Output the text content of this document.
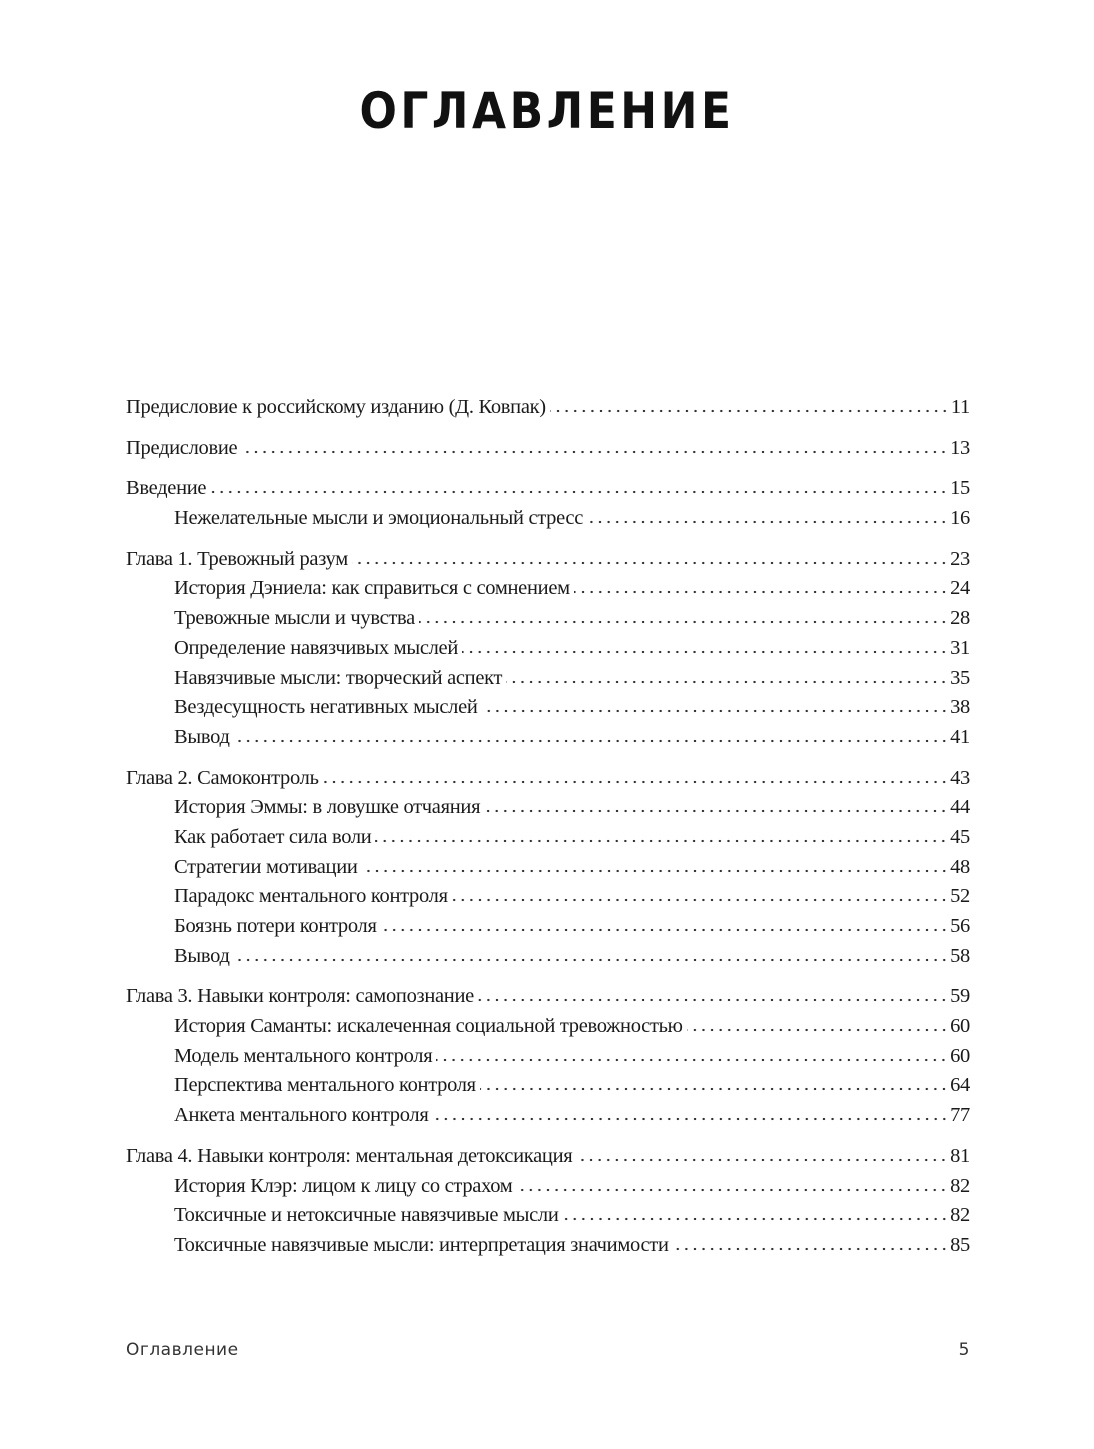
ОГЛАВЛЕНИЕ
Предисловие к российскому изданию (Д. Ковпак)	11
Предисловие	13
Введение	15
Нежелательные мысли и эмоциональный стресс	16
Глава 1. Тревожный разум	23
История Дэниела: как справиться с сомнением	24
Тревожные мысли и чувства	28
Определение навязчивых мыслей	31
Навязчивые мысли: творческий аспект	35
Вездесущность негативных мыслей	38
Вывод	41
Глава 2. Самоконтроль	43
История Эммы: в ловушке отчаяния	44
Как работает сила воли	45
Стратегии мотивации	48
Парадокс ментального контроля	52
Боязнь потери контроля	56
Вывод	58
Глава 3. Навыки контроля: самопознание	59
История Саманты: искалеченная социальной тревожностью	60
Модель ментального контроля	60
Перспектива ментального контроля	64
Анкета ментального контроля	77
Глава 4. Навыки контроля: ментальная детоксикация	81
История Клэр: лицом к лицу со страхом	82
Токсичные и нетоксичные навязчивые мысли	82
Токсичные навязчивые мысли: интерпретация значимости	85
Оглавление	5
